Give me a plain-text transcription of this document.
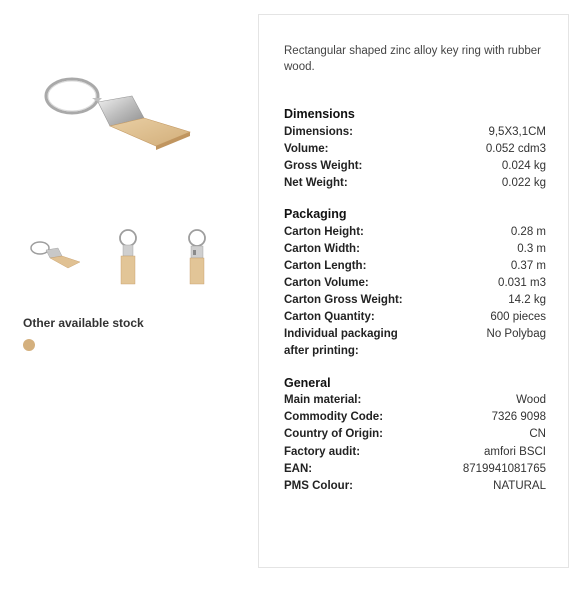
Other available stock
Rectangular shaped zinc alloy key ring with rubber wood.
Dimensions
Dimensions:	9,5X3,1CM
Volume:	0.052 cdm3
Gross Weight:	0.024 kg
Net Weight:	0.022 kg
Packaging
Carton Height:	0.28 m
Carton Width:	0.3 m
Carton Length:	0.37 m
Carton Volume:	0.031 m3
Carton Gross Weight:	14.2 kg
Carton Quantity:	600 pieces
Individual packaging
after printing:
No Polybag
General
Main material:	Wood
Commodity Code:	7326 9098
Country of Origin:	CN
Factory audit:	amfori BSCI
EAN:	8719941081765
PMS Colour:	NATURAL
